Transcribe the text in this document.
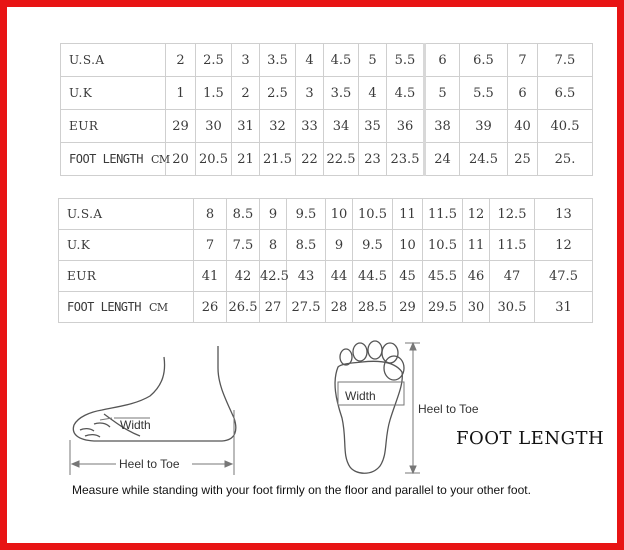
U.S.A	2	2.5	3	3.5	4	4.5	5	5.5	6	6.5	7	7.5
U.K	1	1.5	2	2.5	3	3.5	4	4.5	5	5.5	6	6.5
EUR	29	30	31	32	33	34	35	36	38	39	40	40.5
FOOT LENGTH CM	20	20.5	21	21.5	22	22.5	23	23.5	24	24.5	25	25.
U.S.A	8	8.5	9	9.5	10	10.5	11	11.5	12	12.5	13
U.K	7	7.5	8	8.5	9	9.5	10	10.5	11	11.5	12
EUR	41	42	42.5	43	44	44.5	45	45.5	46	47	47.5
FOOT LENGTH CM	26	26.5	27	27.5	28	28.5	29	29.5	30	30.5	31
Width
Heel to Toe
Width
Heel to Toe
FOOT LENGTH
Measure while standing with your foot firmly on the floor and parallel to your other foot.
